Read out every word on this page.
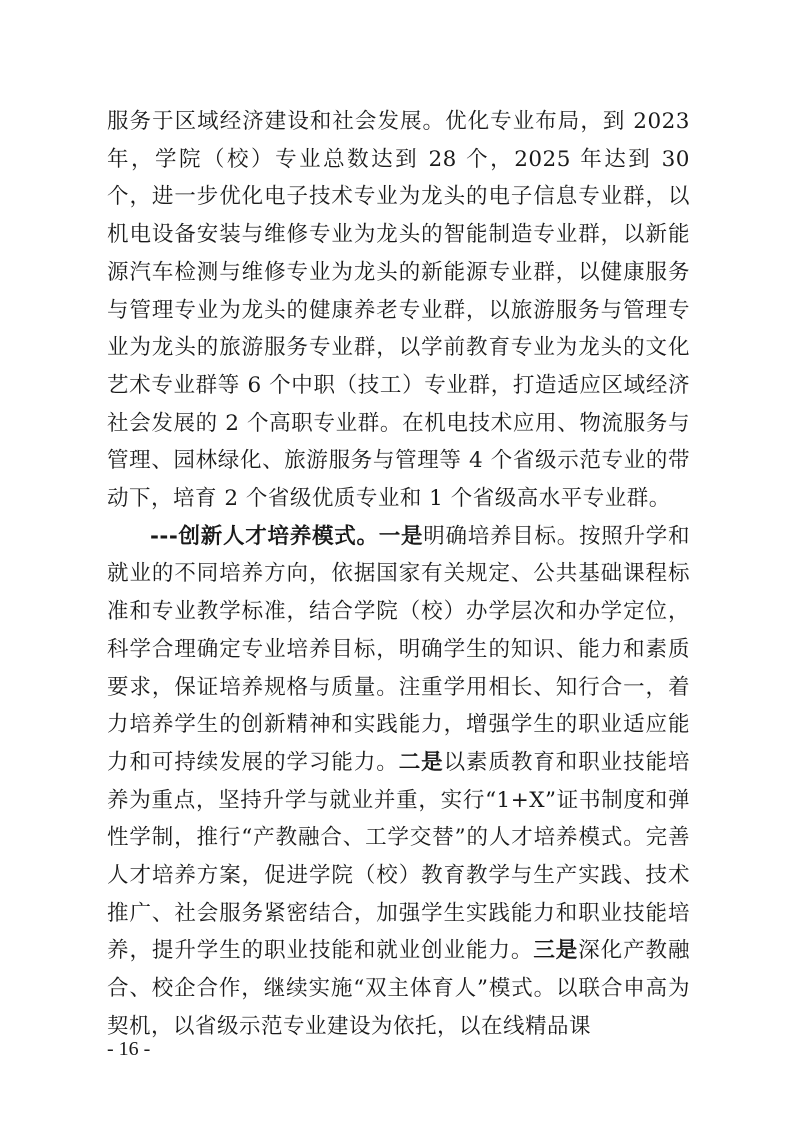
服务于区域经济建设和社会发展。优化专业布局，到 2023 年，学院（校）专业总数达到 28 个，2025 年达到 30 个，进一步优化电子技术专业为龙头的电子信息专业群，以机电设备安装与维修专业为龙头的智能制造专业群，以新能源汽车检测与维修专业为龙头的新能源专业群，以健康服务与管理专业为龙头的健康养老专业群，以旅游服务与管理专业为龙头的旅游服务专业群，以学前教育专业为龙头的文化艺术专业群等 6 个中职（技工）专业群，打造适应区域经济社会发展的 2 个高职专业群。在机电技术应用、物流服务与管理、园林绿化、旅游服务与管理等 4 个省级示范专业的带动下，培育 2 个省级优质专业和 1 个省级高水平专业群。

---创新人才培养模式。一是明确培养目标。按照升学和就业的不同培养方向，依据国家有关规定、公共基础课程标准和专业教学标准，结合学院（校）办学层次和办学定位，科学合理确定专业培养目标，明确学生的知识、能力和素质要求，保证培养规格与质量。注重学用相长、知行合一，着力培养学生的创新精神和实践能力，增强学生的职业适应能力和可持续发展的学习能力。二是以素质教育和职业技能培养为重点，坚持升学与就业并重，实行“1+X”证书制度和弹性学制，推行“产教融合、工学交替”的人才培养模式。完善人才培养方案，促进学院（校）教育教学与生产实践、技术推广、社会服务紧密结合，加强学生实践能力和职业技能培养，提升学生的职业技能和就业创业能力。三是深化产教融合、校企合作，继续实施“双主体育人”模式。以联合申高为契机，以省级示范专业建设为依托，以在线精品课

- 16 -
